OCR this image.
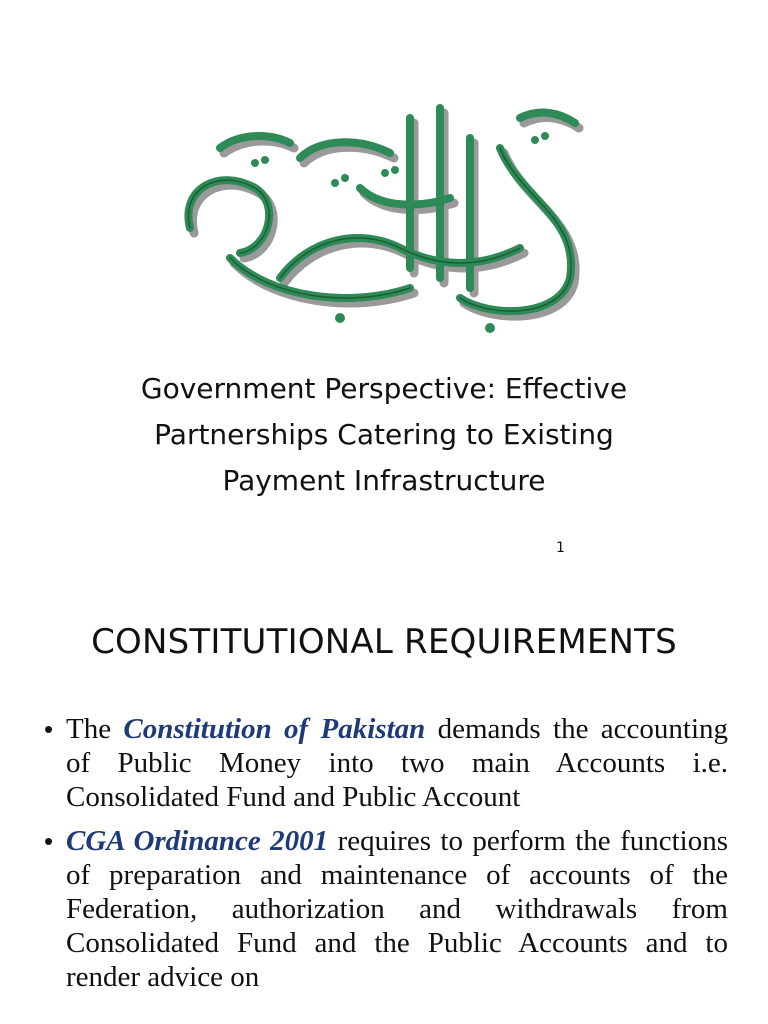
Government Perspective: Effective
Partnerships Catering to Existing
Payment Infrastructure
1
CONSTITUTIONAL REQUIREMENTS
• The Constitution of Pakistan demands the accounting of Public Money into two main Accounts i.e. Consolidated Fund and Public Account
• CGA Ordinance 2001 requires to perform the functions of preparation and maintenance of accounts of the Federation, authorization and withdrawals from Consolidated Fund and the Public Accounts and to render advice on
